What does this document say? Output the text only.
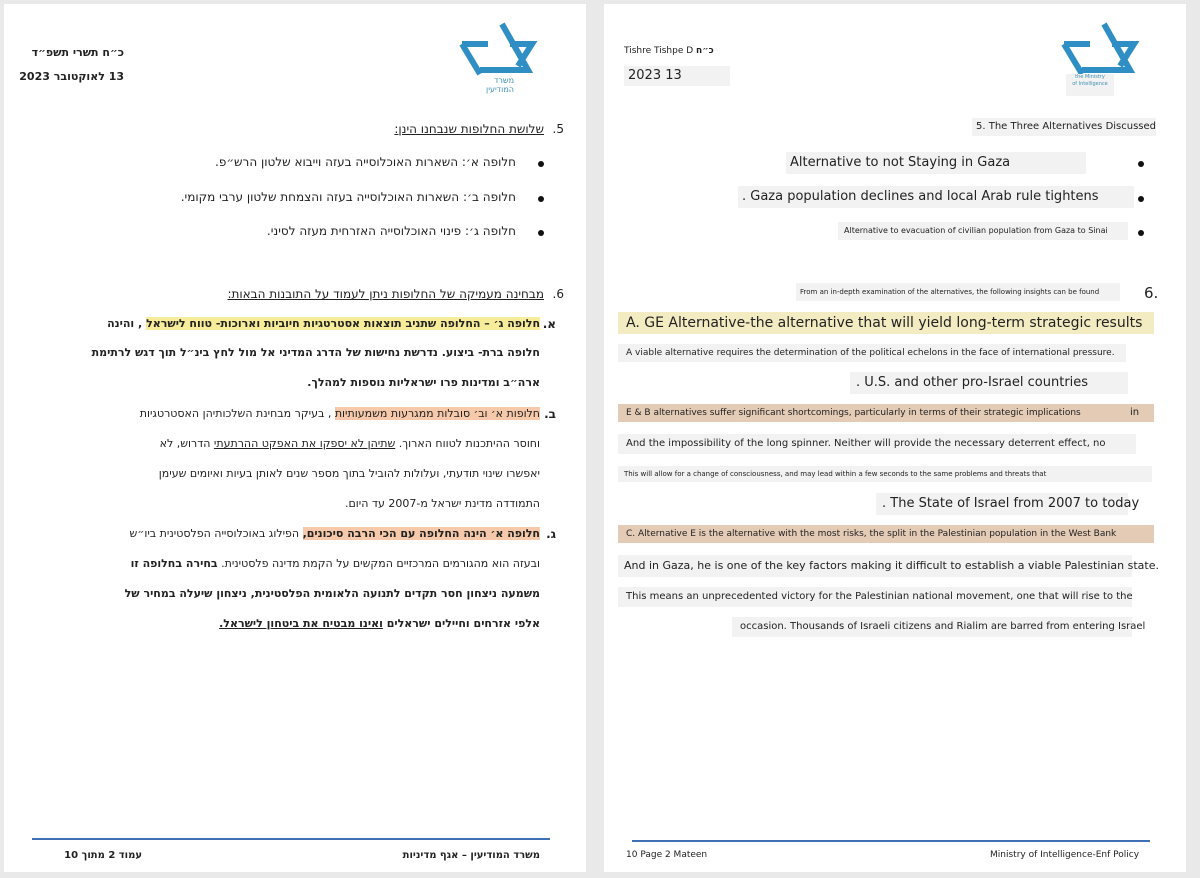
כ״ח תשרי תשפ״ד
13 לאוקטובר 2023	משרד
המודיעין
5.
שלושת החלופות שנבחנו הינן:
חלופה א׳: השארות האוכלוסייה בעזה וייבוא שלטון הרש״פ.
חלופה ב׳: השארות האוכלוסייה בעזה והצמחת שלטון ערבי מקומי.
חלופה ג׳: פינוי האוכלוסייה האזרחית מעזה לסיני.
6.
מבחינה מעמיקה של החלופות ניתן לעמוד על התובנות הבאות:
א.
חלופה ג׳ – החלופה שתניב תוצאות אסטרטגיות חיוביות וארוכות- טווח לישראל , והינה
חלופה ברת- ביצוע. נדרשת נחישות של הדרג המדיני אל מול לחץ בינ״ל תוך דגש לרתימת
ארה״ב ומדינות פרו ישראליות נוספות למהלך.
ב.
חלופות א׳ וב׳ סובלות ממגרעות משמעותיות , בעיקר מבחינת השלכותיהן האסטרטגיות
וחוסר ההיתכנות לטווח הארוך. שתיהן לא יספקו את האפקט ההרתעתי הדרוש, לא
יאפשרו שינוי תודעתי, ועלולות להוביל בתוך מספר שנים לאותן בעיות ואיומים שעימן
התמודדה מדינת ישראל מ-2007 עד היום.
ג.
חלופה א׳ הינה החלופה עם הכי הרבה סיכונים, הפילוג באוכלוסייה הפלסטינית ביו״ש
ובעזה הוא מהגורמים המרכזיים המקשים על הקמת מדינה פלסטינית. בחירה בחלופה זו
משמעה ניצחון חסר תקדים לתנועה הלאומית הפלסטינית, ניצחון שיעלה במחיר של
אלפי אזרחים וחיילים ישראלים ואינו מבטיח את ביטחון לישראל.
עמוד 2 מתוך 10	משרד המודיעין – אגף מדיניות
Tishre Tishpe D כ״ח
2023 13	the Ministry
of Intelligence
5. The Three Alternatives Discussed
Alternative to not Staying in Gaza
. Gaza population declines and local Arab rule tightens
Alternative to evacuation of civilian population from Gaza to Sinai
From an in-depth examination of the alternatives, the following insights can be found	6.
A. GE Alternative-the alternative that will yield long-term strategic results
A viable alternative requires the determination of the political echelons in the face of international pressure.
. U.S. and other pro-Israel countries
E & B alternatives suffer significant shortcomings, particularly in terms of their strategic implications	in
And the impossibility of the long spinner. Neither will provide the necessary deterrent effect, no
This will allow for a change of consciousness, and may lead within a few seconds to the same problems and threats that
. The State of Israel from 2007 to today
C. Alternative E is the alternative with the most risks, the split in the Palestinian population in the West Bank
And in Gaza, he is one of the key factors making it difficult to establish a viable Palestinian state.
This means an unprecedented victory for the Palestinian national movement, one that will rise to the
occasion. Thousands of Israeli citizens and Rialim are barred from entering Israel
10 Page 2 Mateen	Ministry of Intelligence-Enf Policy
